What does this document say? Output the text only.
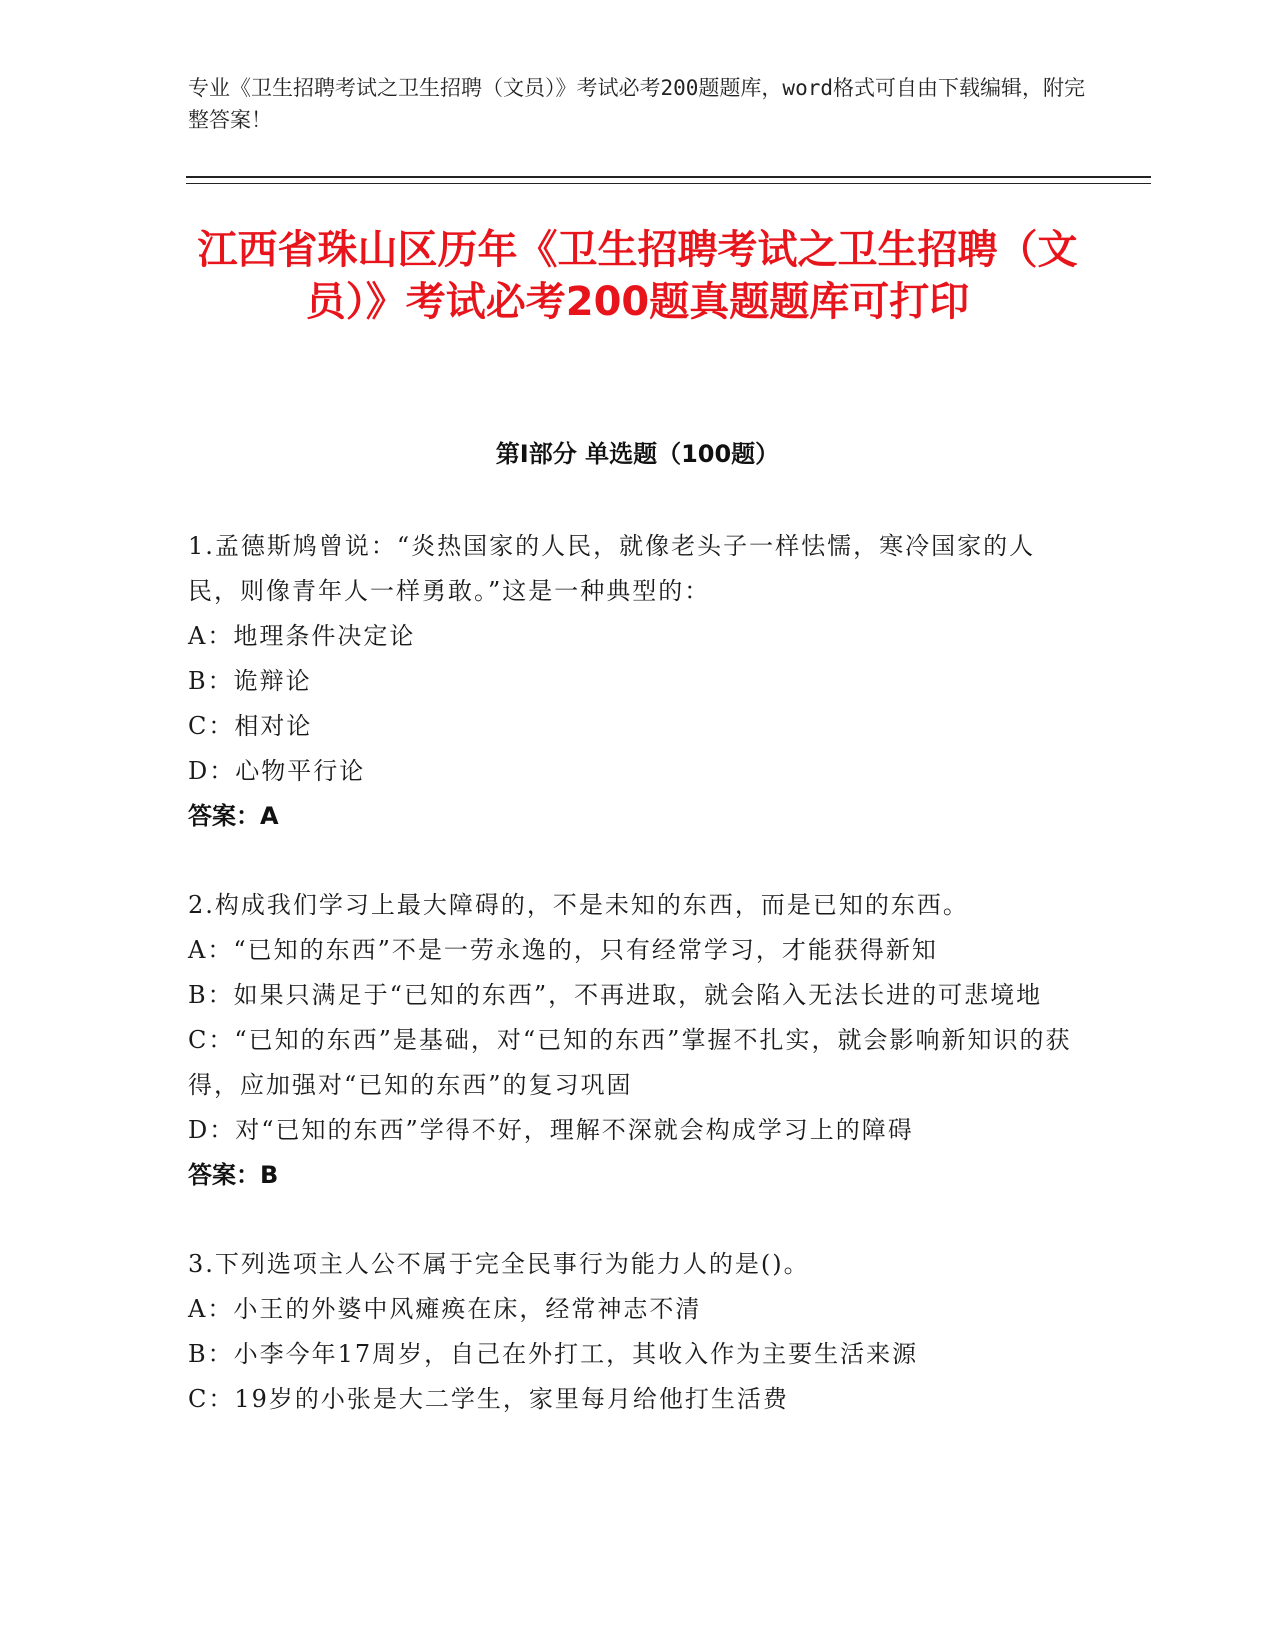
专业《卫生招聘考试之卫生招聘（文员）》考试必考200题题库，word格式可自由下载编辑，附完整答案！
江西省珠山区历年《卫生招聘考试之卫生招聘（文员）》考试必考200题真题题库可打印
第I部分 单选题（100题）
1.孟德斯鸠曾说：“炎热国家的人民，就像老头子一样怯懦，寒冷国家的人民，则像青年人一样勇敢。”这是一种典型的：
A：地理条件决定论
B：诡辩论
C：相对论
D：心物平行论
答案：A
2.构成我们学习上最大障碍的，不是未知的东西，而是已知的东西。
A：“已知的东西”不是一劳永逸的，只有经常学习，才能获得新知
B：如果只满足于“已知的东西”，不再进取，就会陷入无法长进的可悲境地
C：“已知的东西”是基础，对“已知的东西”掌握不扎实，就会影响新知识的获得，应加强对“已知的东西”的复习巩固
D：对“已知的东西”学得不好，理解不深就会构成学习上的障碍
答案：B
3.下列选项主人公不属于完全民事行为能力人的是()。
A：小王的外婆中风瘫痪在床，经常神志不清
B：小李今年17周岁，自己在外打工，其收入作为主要生活来源
C：19岁的小张是大二学生，家里每月给他打生活费
